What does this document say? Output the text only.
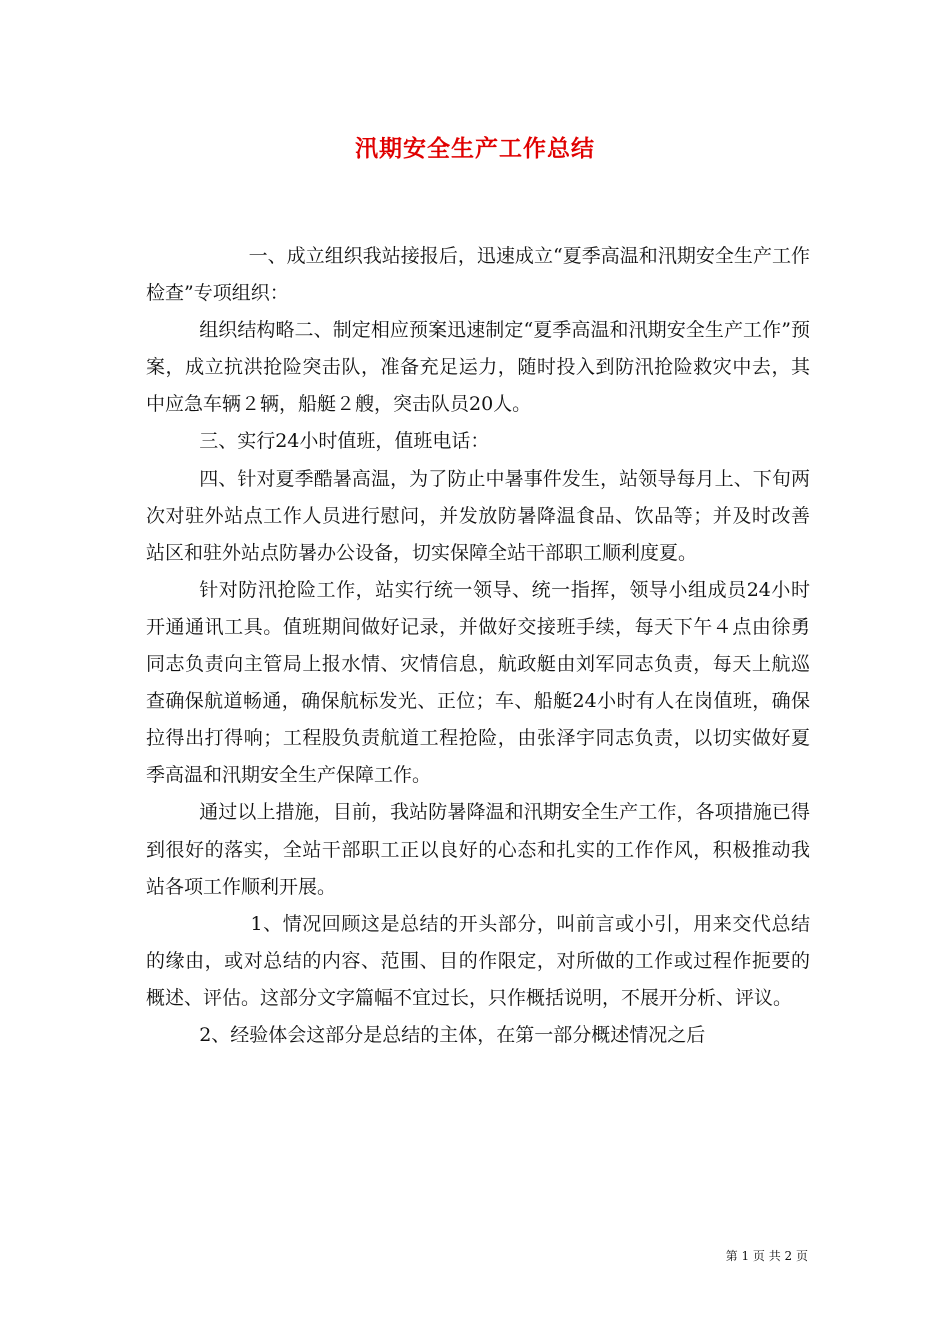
汛期安全生产工作总结

一、成立组织我站接报后，迅速成立“夏季高温和汛期安全生产工作检查”专项组织：

组织结构略二、制定相应预案迅速制定“夏季高温和汛期安全生产工作”预案，成立抗洪抢险突击队，准备充足运力，随时投入到防汛抢险救灾中去，其中应急车辆２辆，船艇２艘，突击队员20人。

三、实行24小时值班，值班电话：

四、针对夏季酷暑高温，为了防止中暑事件发生，站领导每月上、下旬两次对驻外站点工作人员进行慰问，并发放防暑降温食品、饮品等；并及时改善站区和驻外站点防暑办公设备，切实保障全站干部职工顺利度夏。

针对防汛抢险工作，站实行统一领导、统一指挥，领导小组成员24小时开通通讯工具。值班期间做好记录，并做好交接班手续，每天下午４点由徐勇同志负责向主管局上报水情、灾情信息，航政艇由刘军同志负责，每天上航巡查确保航道畅通，确保航标发光、正位；车、船艇24小时有人在岗值班，确保拉得出打得响；工程股负责航道工程抢险，由张泽宇同志负责，以切实做好夏季高温和汛期安全生产保障工作。

通过以上措施，目前，我站防暑降温和汛期安全生产工作，各项措施已得到很好的落实，全站干部职工正以良好的心态和扎实的工作作风，积极推动我站各项工作顺利开展。

1、情况回顾这是总结的开头部分，叫前言或小引，用来交代总结的缘由，或对总结的内容、范围、目的作限定，对所做的工作或过程作扼要的概述、评估。这部分文字篇幅不宜过长，只作概括说明，不展开分析、评议。

2、经验体会这部分是总结的主体，在第一部分概述情况之后

第 1 页 共 2 页
